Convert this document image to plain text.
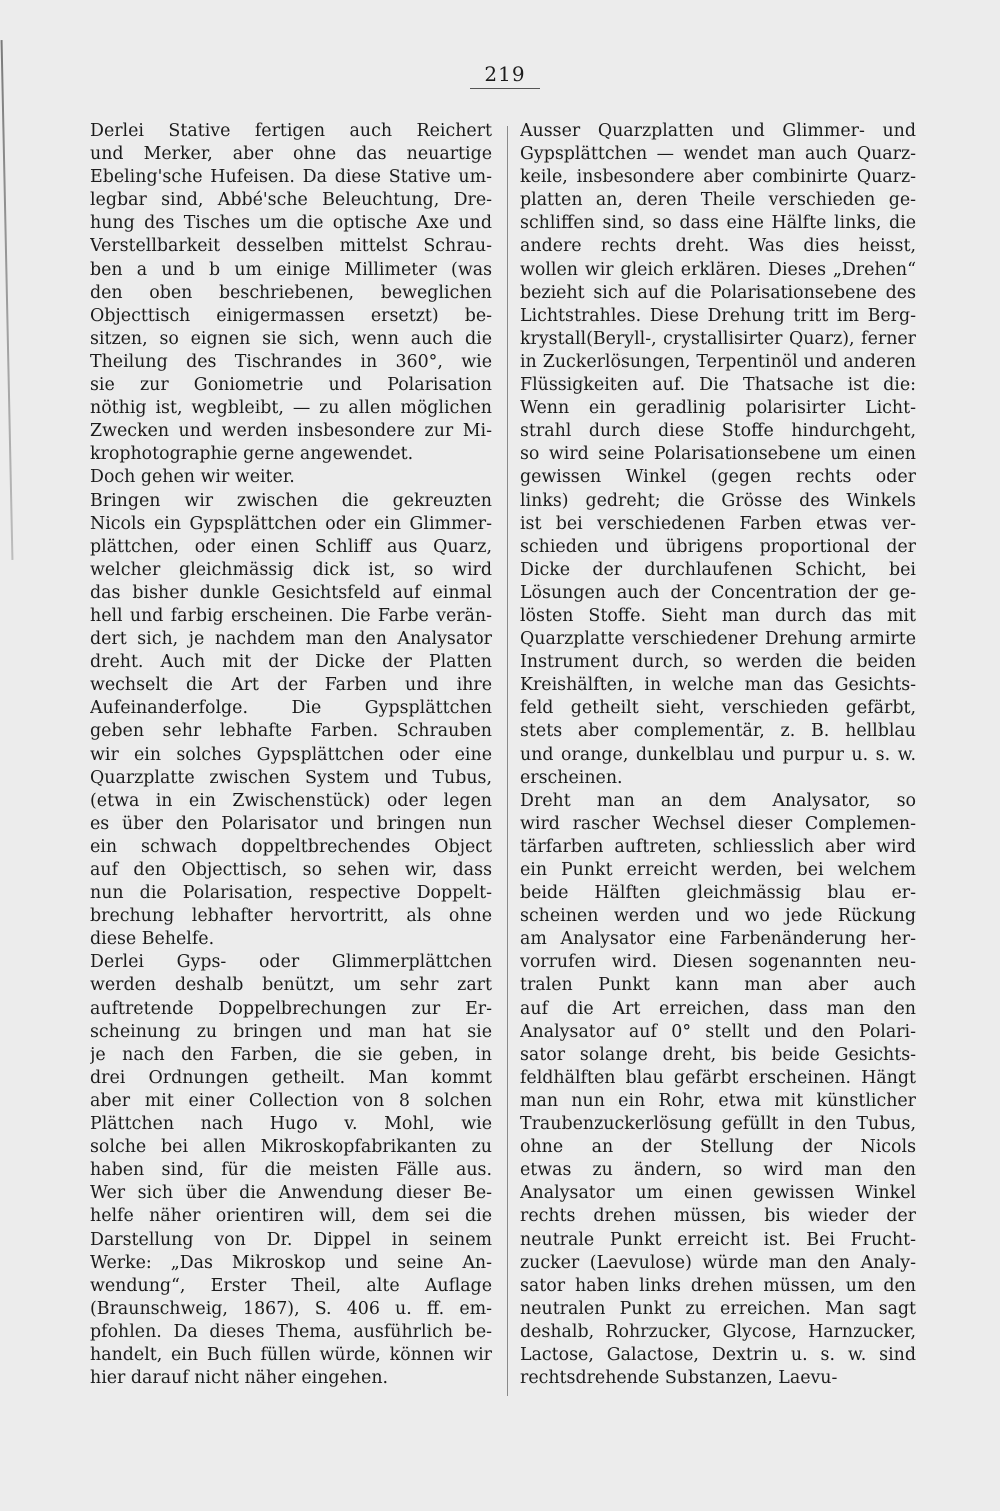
219
Derlei Stative fertigen auch Reichert
und Merker, aber ohne das neuartige
Ebeling'sche Hufeisen. Da diese Stative um-
legbar sind, Abbé'sche Beleuchtung, Dre-
hung des Tisches um die optische Axe und
Verstellbarkeit desselben mittelst Schrau-
ben a und b um einige Millimeter (was
den oben beschriebenen, beweglichen
Objecttisch einigermassen ersetzt) be-
sitzen, so eignen sie sich, wenn auch die
Theilung des Tischrandes in 360°, wie
sie zur Goniometrie und Polarisation
nöthig ist, wegbleibt, — zu allen möglichen
Zwecken und werden insbesondere zur Mi-
krophotographie gerne angewendet.
Doch gehen wir weiter.
Bringen wir zwischen die gekreuzten
Nicols ein Gypsplättchen oder ein Glimmer-
plättchen, oder einen Schliff aus Quarz,
welcher gleichmässig dick ist, so wird
das bisher dunkle Gesichtsfeld auf einmal
hell und farbig erscheinen. Die Farbe verän-
dert sich, je nachdem man den Analysator
dreht. Auch mit der Dicke der Platten
wechselt die Art der Farben und ihre
Aufeinanderfolge. Die Gypsplättchen
geben sehr lebhafte Farben. Schrauben
wir ein solches Gypsplättchen oder eine
Quarzplatte zwischen System und Tubus,
(etwa in ein Zwischenstück) oder legen
es über den Polarisator und bringen nun
ein schwach doppeltbrechendes Object
auf den Objecttisch, so sehen wir, dass
nun die Polarisation, respective Doppelt-
brechung lebhafter hervortritt, als ohne
diese Behelfe.
Derlei Gyps- oder Glimmerplättchen
werden deshalb benützt, um sehr zart
auftretende Doppelbrechungen zur Er-
scheinung zu bringen und man hat sie
je nach den Farben, die sie geben, in
drei Ordnungen getheilt. Man kommt
aber mit einer Collection von 8 solchen
Plättchen nach Hugo v. Mohl, wie
solche bei allen Mikroskopfabrikanten zu
haben sind, für die meisten Fälle aus.
Wer sich über die Anwendung dieser Be-
helfe näher orientiren will, dem sei die
Darstellung von Dr. Dippel in seinem
Werke: „Das Mikroskop und seine An-
wendung“, Erster Theil, alte Auflage
(Braunschweig, 1867), S. 406 u. ff. em-
pfohlen. Da dieses Thema, ausführlich be-
handelt, ein Buch füllen würde, können wir
hier darauf nicht näher eingehen.
Ausser Quarzplatten und Glimmer- und
Gypsplättchen — wendet man auch Quarz-
keile, insbesondere aber combinirte Quarz-
platten an, deren Theile verschieden ge-
schliffen sind, so dass eine Hälfte links, die
andere rechts dreht. Was dies heisst,
wollen wir gleich erklären. Dieses „Drehen“
bezieht sich auf die Polarisationsebene des
Lichtstrahles. Diese Drehung tritt im Berg-
krystall(Beryll-, crystallisirter Quarz), ferner
in Zuckerlösungen, Terpentinöl und anderen
Flüssigkeiten auf. Die Thatsache ist die:
Wenn ein geradlinig polarisirter Licht-
strahl durch diese Stoffe hindurchgeht,
so wird seine Polarisationsebene um einen
gewissen Winkel (gegen rechts oder
links) gedreht; die Grösse des Winkels
ist bei verschiedenen Farben etwas ver-
schieden und übrigens proportional der
Dicke der durchlaufenen Schicht, bei
Lösungen auch der Concentration der ge-
lösten Stoffe. Sieht man durch das mit
Quarzplatte verschiedener Drehung armirte
Instrument durch, so werden die beiden
Kreishälften, in welche man das Gesichts-
feld getheilt sieht, verschieden gefärbt,
stets aber complementär, z. B. hellblau
und orange, dunkelblau und purpur u. s. w.
erscheinen.
Dreht man an dem Analysator, so
wird rascher Wechsel dieser Complemen-
tärfarben auftreten, schliesslich aber wird
ein Punkt erreicht werden, bei welchem
beide Hälften gleichmässig blau er-
scheinen werden und wo jede Rückung
am Analysator eine Farbenänderung her-
vorrufen wird. Diesen sogenannten neu-
tralen Punkt kann man aber auch
auf die Art erreichen, dass man den
Analysator auf 0° stellt und den Polari-
sator solange dreht, bis beide Gesichts-
feldhälften blau gefärbt erscheinen. Hängt
man nun ein Rohr, etwa mit künstlicher
Traubenzuckerlösung gefüllt in den Tubus,
ohne an der Stellung der Nicols
etwas zu ändern, so wird man den
Analysator um einen gewissen Winkel
rechts drehen müssen, bis wieder der
neutrale Punkt erreicht ist. Bei Frucht-
zucker (Laevulose) würde man den Analy-
sator haben links drehen müssen, um den
neutralen Punkt zu erreichen. Man sagt
deshalb, Rohrzucker, Glycose, Harnzucker,
Lactose, Galactose, Dextrin u. s. w. sind
rechtsdrehende Substanzen, Laevu-
